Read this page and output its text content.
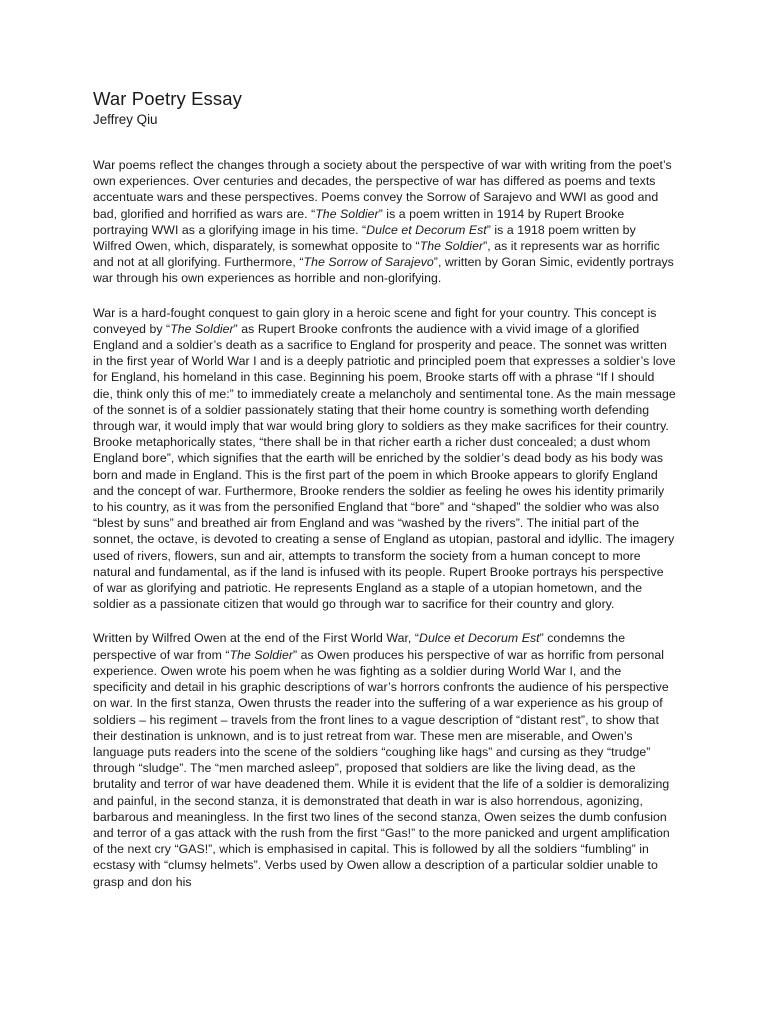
War Poetry Essay
Jeffrey Qiu

War poems reflect the changes through a society about the perspective of war with writing from the poet’s own experiences. Over centuries and decades, the perspective of war has differed as poems and texts accentuate wars and these perspectives. Poems convey the Sorrow of Sarajevo and WWI as good and bad, glorified and horrified as wars are. “The Soldier” is a poem written in 1914 by Rupert Brooke portraying WWI as a glorifying image in his time. “Dulce et Decorum Est” is a 1918 poem written by Wilfred Owen, which, disparately, is somewhat opposite to “The Soldier”, as it represents war as horrific and not at all glorifying. Furthermore, “The Sorrow of Sarajevo”, written by Goran Simic, evidently portrays war through his own experiences as horrible and non-glorifying.

War is a hard-fought conquest to gain glory in a heroic scene and fight for your country. This concept is conveyed by “The Soldier” as Rupert Brooke confronts the audience with a vivid image of a glorified England and a soldier’s death as a sacrifice to England for prosperity and peace. The sonnet was written in the first year of World War I and is a deeply patriotic and principled poem that expresses a soldier’s love for England, his homeland in this case. Beginning his poem, Brooke starts off with a phrase “If I should die, think only this of me:” to immediately create a melancholy and sentimental tone. As the main message of the sonnet is of a soldier passionately stating that their home country is something worth defending through war, it would imply that war would bring glory to soldiers as they make sacrifices for their country. Brooke metaphorically states, “there shall be in that richer earth a richer dust concealed; a dust whom England bore”, which signifies that the earth will be enriched by the soldier’s dead body as his body was born and made in England. This is the first part of the poem in which Brooke appears to glorify England and the concept of war. Furthermore, Brooke renders the soldier as feeling he owes his identity primarily to his country, as it was from the personified England that “bore” and “shaped” the soldier who was also “blest by suns” and breathed air from England and was “washed by the rivers”. The initial part of the sonnet, the octave, is devoted to creating a sense of England as utopian, pastoral and idyllic. The imagery used of rivers, flowers, sun and air, attempts to transform the society from a human concept to more natural and fundamental, as if the land is infused with its people. Rupert Brooke portrays his perspective of war as glorifying and patriotic. He represents England as a staple of a utopian hometown, and the soldier as a passionate citizen that would go through war to sacrifice for their country and glory.

Written by Wilfred Owen at the end of the First World War, “Dulce et Decorum Est” condemns the perspective of war from “The Soldier” as Owen produces his perspective of war as horrific from personal experience. Owen wrote his poem when he was fighting as a soldier during World War I, and the specificity and detail in his graphic descriptions of war’s horrors confronts the audience of his perspective on war. In the first stanza, Owen thrusts the reader into the suffering of a war experience as his group of soldiers – his regiment – travels from the front lines to a vague description of “distant rest”, to show that their destination is unknown, and is to just retreat from war. These men are miserable, and Owen’s language puts readers into the scene of the soldiers “coughing like hags” and cursing as they “trudge” through “sludge”. The “men marched asleep”, proposed that soldiers are like the living dead, as the brutality and terror of war have deadened them. While it is evident that the life of a soldier is demoralizing and painful, in the second stanza, it is demonstrated that death in war is also horrendous, agonizing, barbarous and meaningless. In the first two lines of the second stanza, Owen seizes the dumb confusion and terror of a gas attack with the rush from the first “Gas!” to the more panicked and urgent amplification of the next cry “GAS!”, which is emphasised in capital. This is followed by all the soldiers “fumbling” in ecstasy with “clumsy helmets”. Verbs used by Owen allow a description of a particular soldier unable to grasp and don his
